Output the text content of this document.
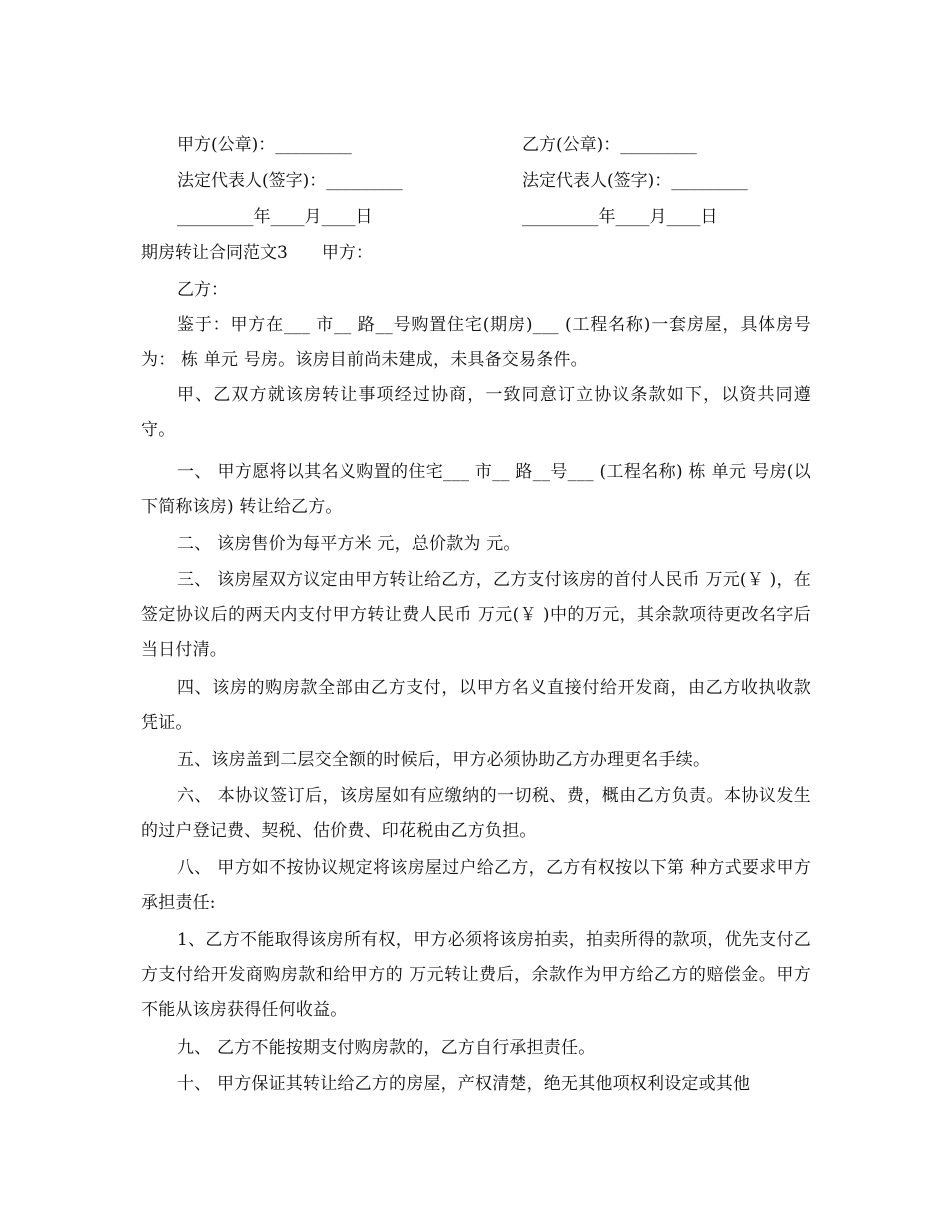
甲方(公章)：_________	乙方(公章)：_________
法定代表人(签字)：_________	法定代表人(签字)：_________
_________年____月____日	_________年____月____日
期房转让合同范文3　　甲方：
乙方：
鉴于：甲方在___ 市__ 路__号购置住宅(期房)___ (工程名称)一套房屋，具体房号为： 栋 单元 号房。该房目前尚未建成，未具备交易条件。
甲、乙双方就该房转让事项经过协商，一致同意订立协议条款如下，以资共同遵守。
一、 甲方愿将以其名义购置的住宅___ 市__ 路__号___ (工程名称) 栋 单元 号房(以下简称该房) 转让给乙方。
二、 该房售价为每平方米 元，总价款为 元。
三、 该房屋双方议定由甲方转让给乙方，乙方支付该房的首付人民币 万元(￥ )，在签定协议后的两天内支付甲方转让费人民币 万元(￥ )中的万元，其余款项待更改名字后当日付清。
四、该房的购房款全部由乙方支付，以甲方名义直接付给开发商，由乙方收执收款凭证。
五、该房盖到二层交全额的时候后，甲方必须协助乙方办理更名手续。
六、 本协议签订后，该房屋如有应缴纳的一切税、费，概由乙方负责。本协议发生的过户登记费、契税、估价费、印花税由乙方负担。
八、 甲方如不按协议规定将该房屋过户给乙方，乙方有权按以下第 种方式要求甲方承担责任:
1、乙方不能取得该房所有权，甲方必须将该房拍卖，拍卖所得的款项，优先支付乙方支付给开发商购房款和给甲方的 万元转让费后，余款作为甲方给乙方的赔偿金。甲方不能从该房获得任何收益。
九、 乙方不能按期支付购房款的，乙方自行承担责任。
十、 甲方保证其转让给乙方的房屋，产权清楚，绝无其他项权利设定或其他
